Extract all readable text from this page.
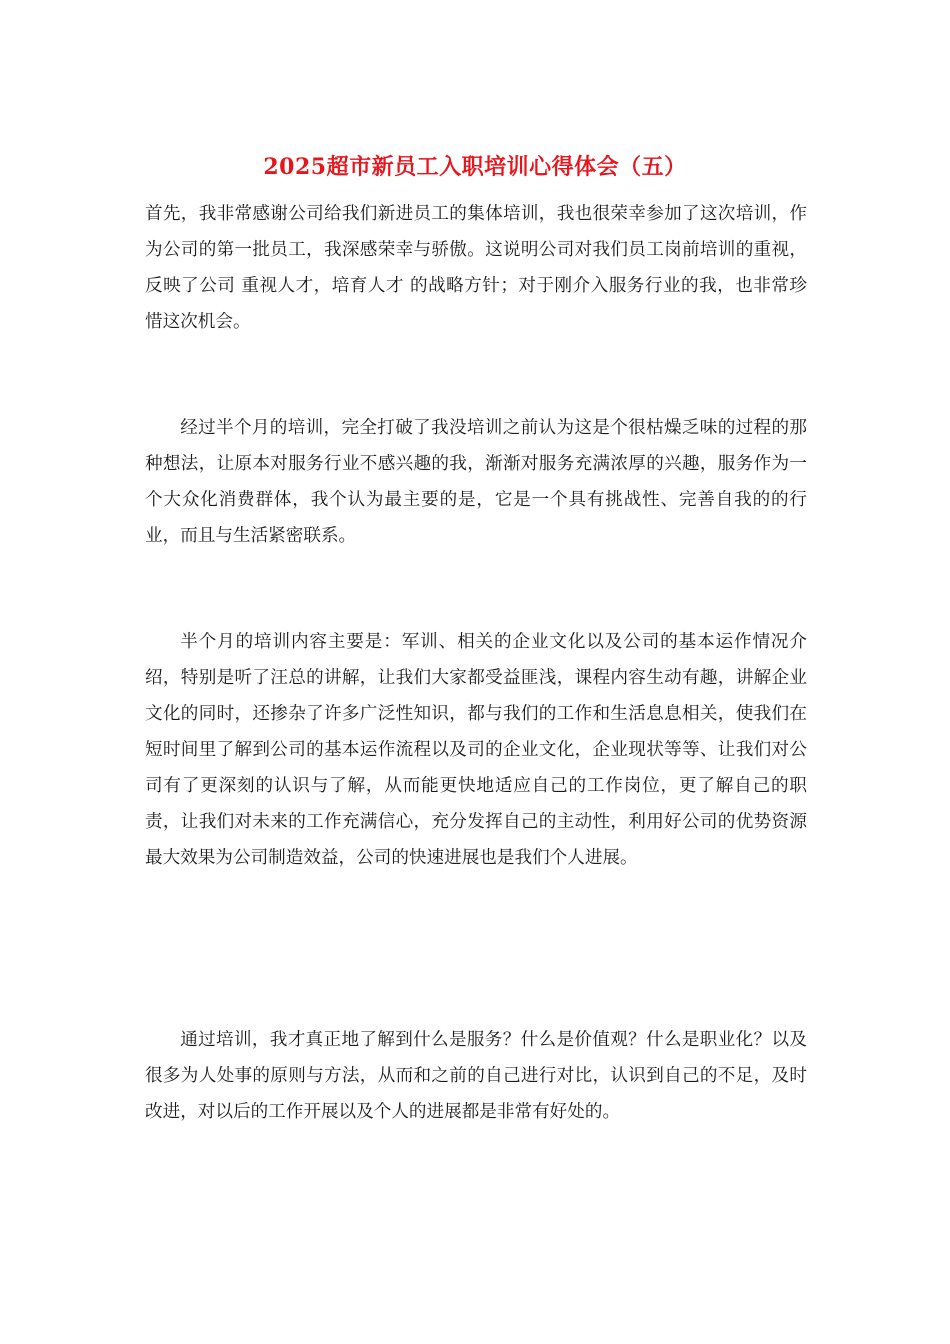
2025超市新员工入职培训心得体会（五）

首先，我非常感谢公司给我们新进员工的集体培训，我也很荣幸参加了这次培训，作为公司的第一批员工，我深感荣幸与骄傲。这说明公司对我们员工岗前培训的重视，反映了公司 重视人才，培育人才 的战略方针；对于刚介入服务行业的我，也非常珍惜这次机会。

经过半个月的培训，完全打破了我没培训之前认为这是个很枯燥乏味的过程的那种想法，让原本对服务行业不感兴趣的我，渐渐对服务充满浓厚的兴趣，服务作为一个大众化消费群体，我个认为最主要的是，它是一个具有挑战性、完善自我的的行业，而且与生活紧密联系。

半个月的培训内容主要是：军训、相关的企业文化以及公司的基本运作情况介绍，特别是听了汪总的讲解，让我们大家都受益匪浅，课程内容生动有趣，讲解企业文化的同时，还掺杂了许多广泛性知识，都与我们的工作和生活息息相关，使我们在短时间里了解到公司的基本运作流程以及司的企业文化，企业现状等等、让我们对公司有了更深刻的认识与了解，从而能更快地适应自己的工作岗位，更了解自己的职责，让我们对未来的工作充满信心，充分发挥自己的主动性，利用好公司的优势资源最大效果为公司制造效益，公司的快速进展也是我们个人进展。

通过培训，我才真正地了解到什么是服务？什么是价值观？什么是职业化？以及很多为人处事的原则与方法，从而和之前的自己进行对比，认识到自己的不足，及时改进，对以后的工作开展以及个人的进展都是非常有好处的。
